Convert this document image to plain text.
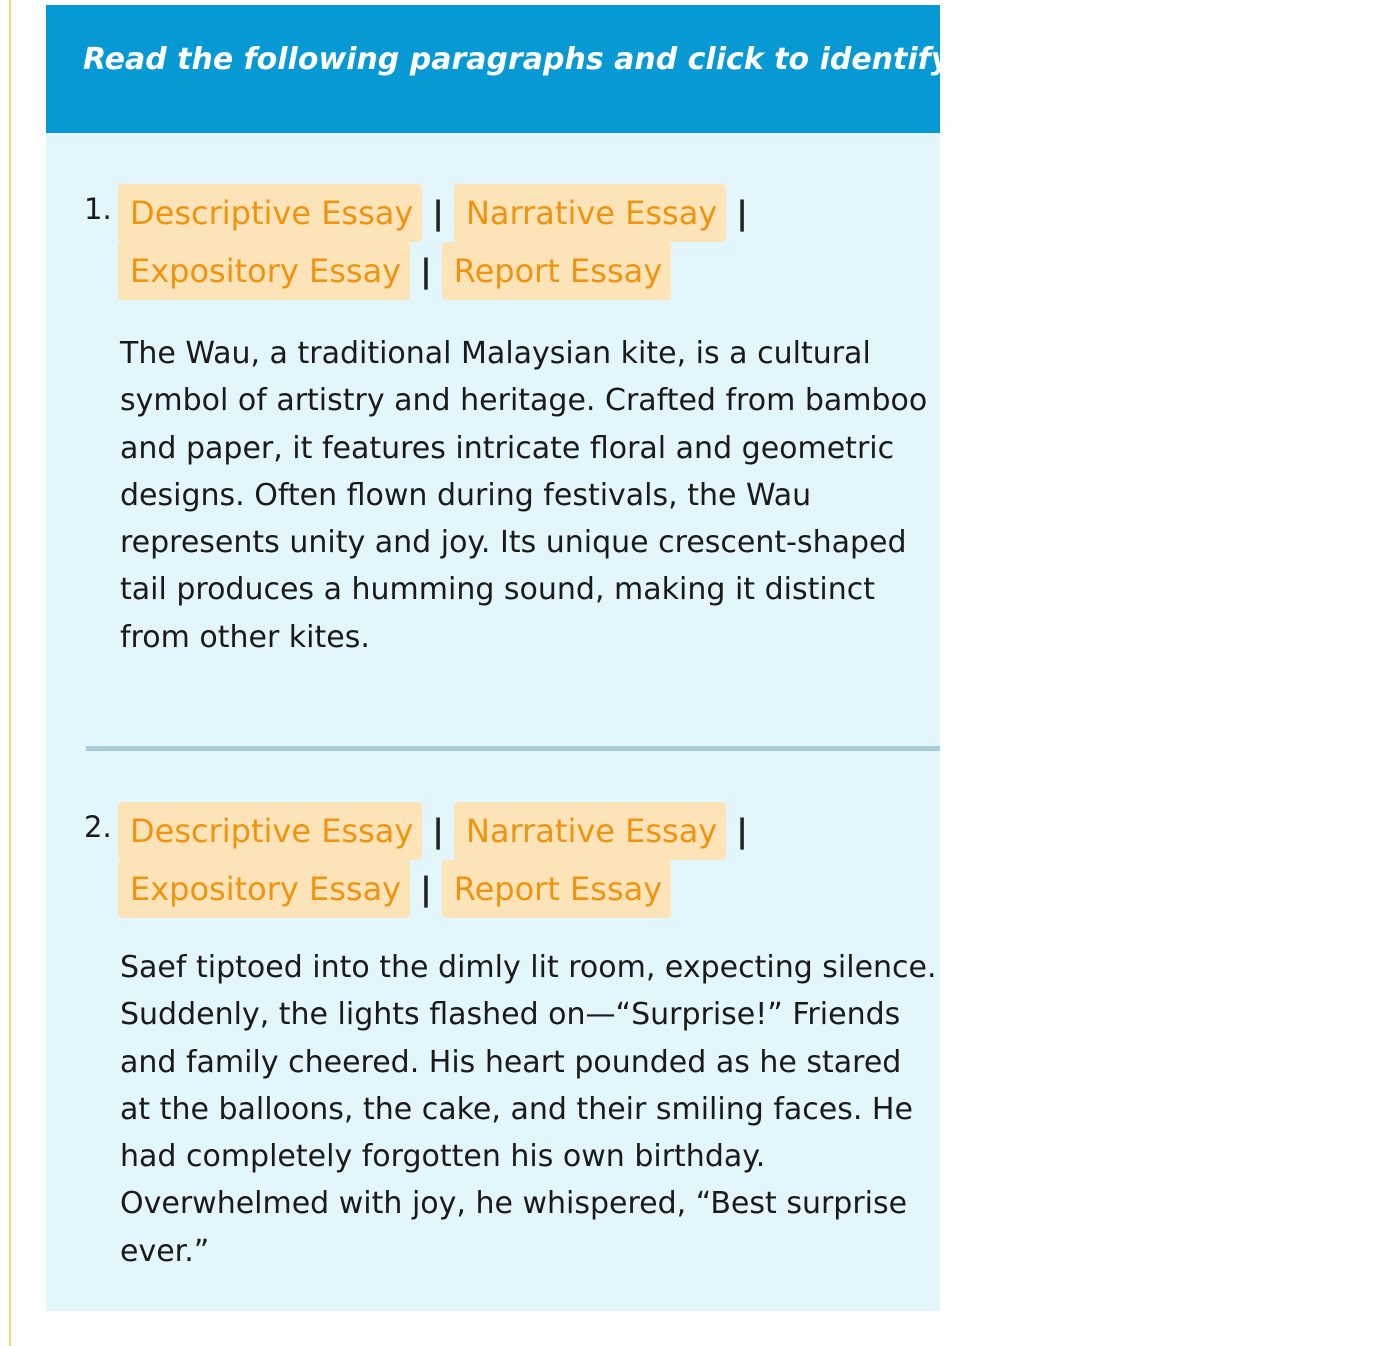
Read the following paragraphs and click to identify the types of essays used.

1. Descriptive Essay | Narrative Essay |
Expository Essay | Report Essay

The Wau, a traditional Malaysian kite, is a cultural symbol of artistry and heritage. Crafted from bamboo and paper, it features intricate floral and geometric designs. Often flown during festivals, the Wau represents unity and joy. Its unique crescent-shaped tail produces a humming sound, making it distinct from other kites.

2. Descriptive Essay | Narrative Essay |
Expository Essay | Report Essay

Saef tiptoed into the dimly lit room, expecting silence. Suddenly, the lights flashed on—“Surprise!” Friends and family cheered. His heart pounded as he stared at the balloons, the cake, and their smiling faces. He had completely forgotten his own birthday. Overwhelmed with joy, he whispered, “Best surprise ever.”
